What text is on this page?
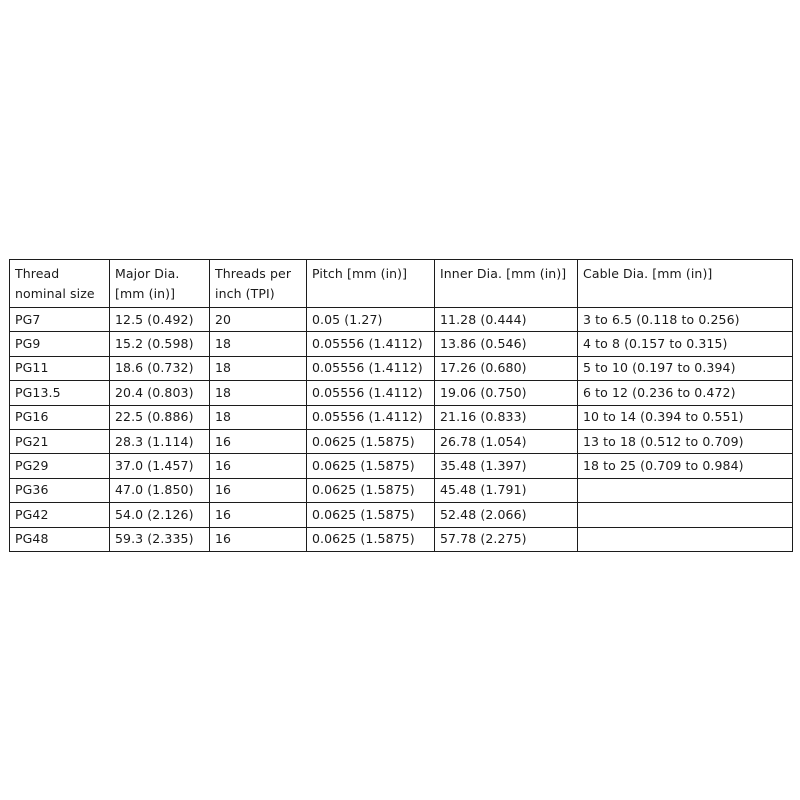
Thread nominal size	Major Dia. [mm (in)]	Threads per inch (TPI)	Pitch [mm (in)]	Inner Dia. [mm (in)]	Cable Dia. [mm (in)]
PG7	12.5 (0.492)	20	0.05 (1.27)	11.28 (0.444)	3 to 6.5 (0.118 to 0.256)
PG9	15.2 (0.598)	18	0.05556 (1.4112)	13.86 (0.546)	4 to 8 (0.157 to 0.315)
PG11	18.6 (0.732)	18	0.05556 (1.4112)	17.26 (0.680)	5 to 10 (0.197 to 0.394)
PG13.5	20.4 (0.803)	18	0.05556 (1.4112)	19.06 (0.750)	6 to 12 (0.236 to 0.472)
PG16	22.5 (0.886)	18	0.05556 (1.4112)	21.16 (0.833)	10 to 14 (0.394 to 0.551)
PG21	28.3 (1.114)	16	0.0625 (1.5875)	26.78 (1.054)	13 to 18 (0.512 to 0.709)
PG29	37.0 (1.457)	16	0.0625 (1.5875)	35.48 (1.397)	18 to 25 (0.709 to 0.984)
PG36	47.0 (1.850)	16	0.0625 (1.5875)	45.48 (1.791)	
PG42	54.0 (2.126)	16	0.0625 (1.5875)	52.48 (2.066)	
PG48	59.3 (2.335)	16	0.0625 (1.5875)	57.78 (2.275)	
